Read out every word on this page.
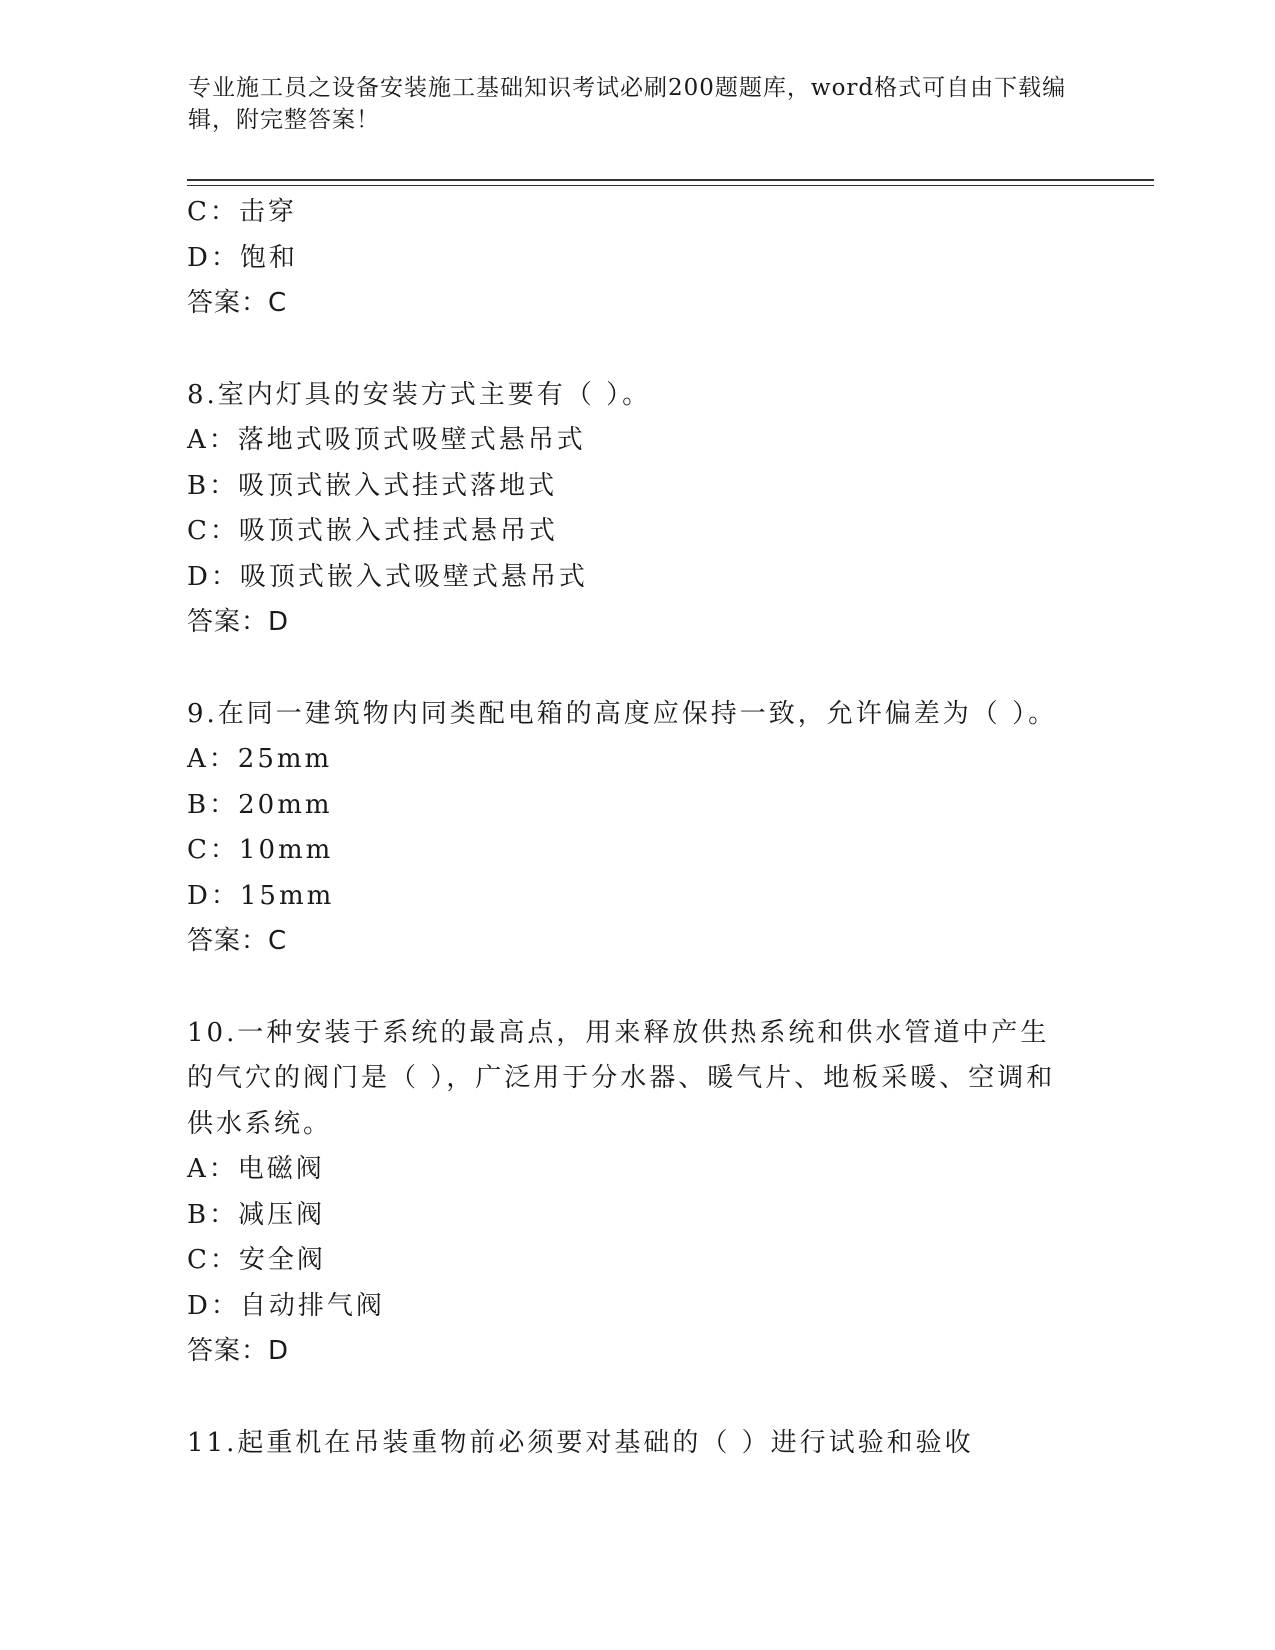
专业施工员之设备安装施工基础知识考试必刷200题题库，word格式可自由下载编辑，附完整答案！
C：击穿
D：饱和
答案：C
8.室内灯具的安装方式主要有（ ）。
A：落地式吸顶式吸壁式悬吊式
B：吸顶式嵌入式挂式落地式
C：吸顶式嵌入式挂式悬吊式
D：吸顶式嵌入式吸壁式悬吊式
答案：D
9.在同一建筑物内同类配电箱的高度应保持一致，允许偏差为（ ）。
A：25mm
B：20mm
C：10mm
D：15mm
答案：C
10.一种安装于系统的最高点，用来释放供热系统和供水管道中产生的气穴的阀门是（ ），广泛用于分水器、暖气片、地板采暖、空调和供水系统。
A：电磁阀
B：减压阀
C：安全阀
D：自动排气阀
答案：D
11.起重机在吊装重物前必须要对基础的（ ）进行试验和验收
